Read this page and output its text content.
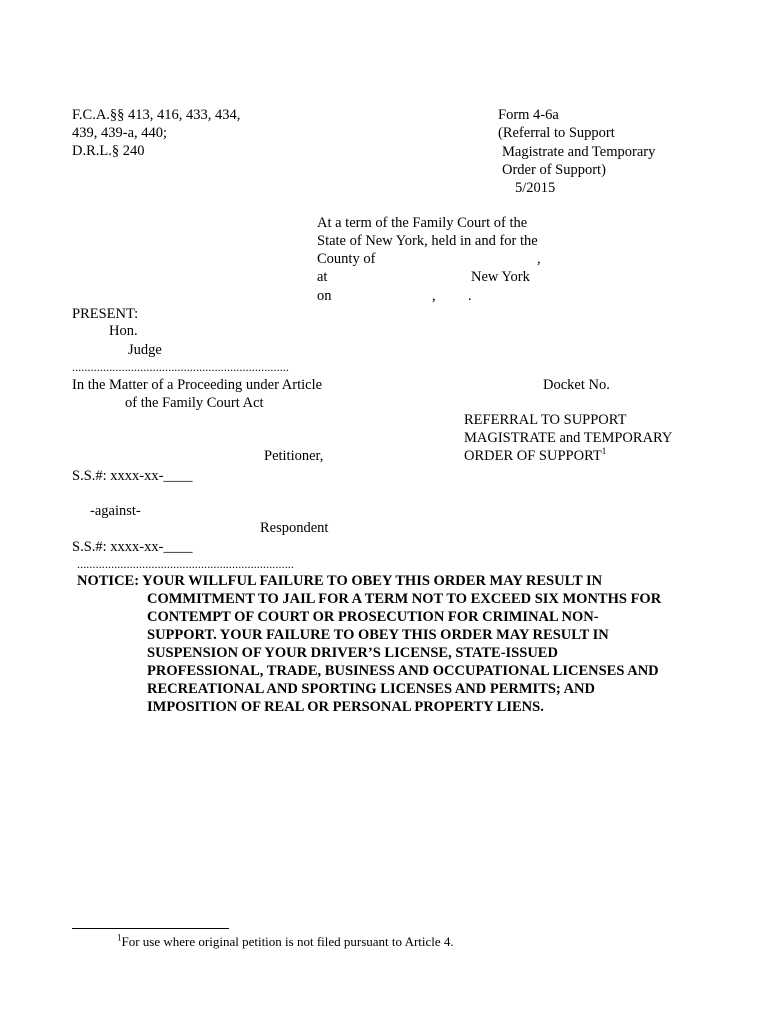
F.C.A.§§ 413, 416, 433, 434,
439, 439-a, 440;
D.R.L.§ 240
Form 4-6a
(Referral to Support
Magistrate and Temporary
Order of Support)
5/2015
At a term of the Family Court of the
State of New York, held in and for the
County of	,
at	New York
on	, .
PRESENT:
Hon.
Judge
......................................................................
In the Matter of a Proceeding under Article
of the Family Court Act
Docket No.
REFERRAL TO SUPPORT
MAGISTRATE and TEMPORARY
ORDER OF SUPPORT$^1$
Petitioner,
S.S.#: xxxx-xx-____
-against-
Respondent
S.S.#: xxxx-xx-____
......................................................................
NOTICE: YOUR WILLFUL FAILURE TO OBEY THIS ORDER MAY RESULT IN
COMMITMENT TO JAIL FOR A TERM NOT TO EXCEED SIX MONTHS FOR
CONTEMPT OF COURT OR PROSECUTION FOR CRIMINAL NON-
SUPPORT. YOUR FAILURE TO OBEY THIS ORDER MAY RESULT IN
SUSPENSION OF YOUR DRIVER’S LICENSE, STATE-ISSUED
PROFESSIONAL, TRADE, BUSINESS AND OCCUPATIONAL LICENSES AND
RECREATIONAL AND SPORTING LICENSES AND PERMITS; AND
IMPOSITION OF REAL OR PERSONAL PROPERTY LIENS.
$^1$For use where original petition is not filed pursuant to Article 4.
